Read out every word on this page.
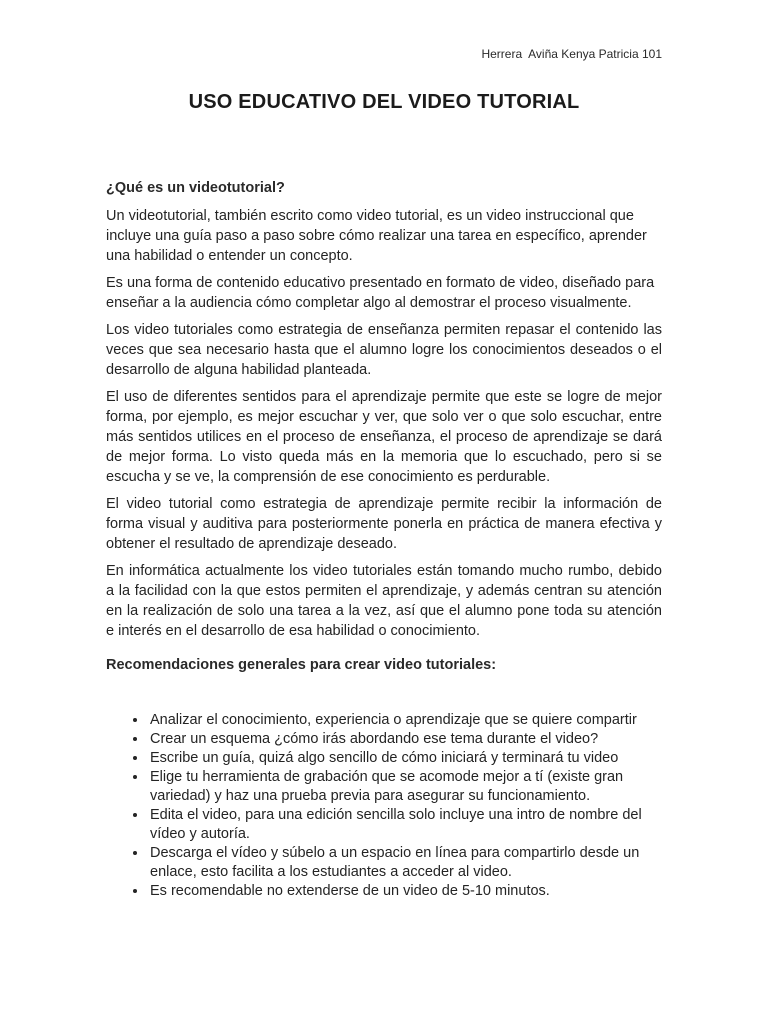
Herrera  Aviña Kenya Patricia 101
USO EDUCATIVO DEL VIDEO TUTORIAL
¿Qué es un videotutorial?

Un videotutorial, también escrito como video tutorial, es un video instruccional que incluye una guía paso a paso sobre cómo realizar una tarea en específico, aprender una habilidad o entender un concepto.

Es una forma de contenido educativo presentado en formato de video, diseñado para enseñar a la audiencia cómo completar algo al demostrar el proceso visualmente.

Los video tutoriales como estrategia de enseñanza permiten repasar el contenido las veces que sea necesario hasta que el alumno logre los conocimientos deseados o el desarrollo de alguna habilidad planteada.

El uso de diferentes sentidos para el aprendizaje permite que este se logre de mejor forma, por ejemplo, es mejor escuchar y ver, que solo ver o que solo escuchar, entre más sentidos utilices en el proceso de enseñanza, el proceso de aprendizaje se dará de mejor forma. Lo visto queda más en la memoria que lo escuchado, pero si se escucha y se ve, la comprensión de ese conocimiento es perdurable.

El video tutorial como estrategia de aprendizaje permite recibir la información de forma visual y auditiva para posteriormente ponerla en práctica de manera efectiva y obtener el resultado de aprendizaje deseado.

En informática actualmente los video tutoriales están tomando mucho rumbo, debido a la facilidad con la que estos permiten el aprendizaje, y además centran su atención en la realización de solo una tarea a la vez, así que el alumno pone toda su atención e interés en el desarrollo de esa habilidad o conocimiento.

Recomendaciones generales para crear video tutoriales:
• Analizar el conocimiento, experiencia o aprendizaje que se quiere compartir
• Crear un esquema ¿cómo irás abordando ese tema durante el video?
• Escribe un guía, quizá algo sencillo de cómo iniciará y terminará tu video
• Elige tu herramienta de grabación que se acomode mejor a tí (existe gran variedad) y haz una prueba previa para asegurar su funcionamiento.
• Edita el video, para una edición sencilla solo incluye una intro de nombre del vídeo y autoría.
• Descarga el vídeo y súbelo a un espacio en línea para compartirlo desde un enlace, esto facilita a los estudiantes a acceder al video.
• Es recomendable no extenderse de un video de 5-10 minutos.
